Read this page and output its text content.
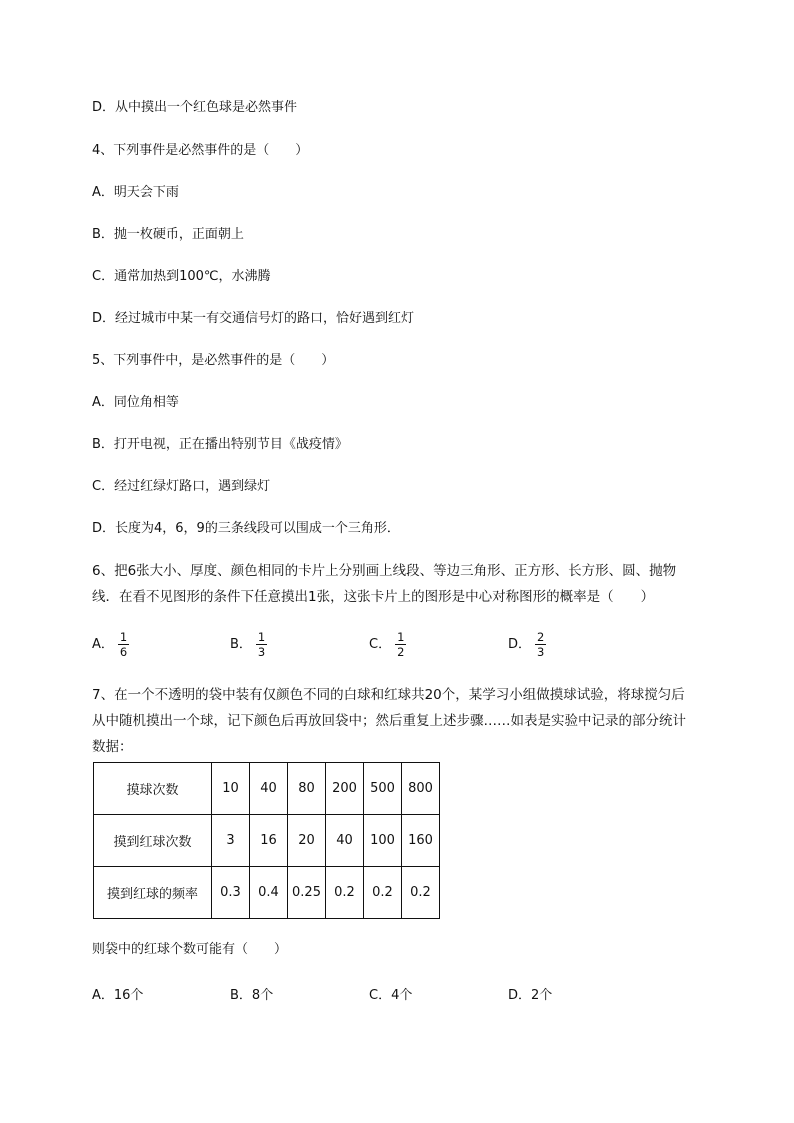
D．从中摸出一个红色球是必然事件
4、下列事件是必然事件的是（　　）
A．明天会下雨
B．抛一枚硬币，正面朝上
C．通常加热到100℃，水沸腾
D．经过城市中某一有交通信号灯的路口，恰好遇到红灯
5、下列事件中，是必然事件的是（　　）
A．同位角相等
B．打开电视，正在播出特别节目《战疫情》
C．经过红绿灯路口，遇到绿灯
D．长度为4，6，9的三条线段可以围成一个三角形．
6、把6张大小、厚度、颜色相同的卡片上分别画上线段、等边三角形、正方形、长方形、圆、抛物
线．在看不见图形的条件下任意摸出1张，这张卡片上的图形是中心对称图形的概率是（　　）
A． $\frac{1}{6}$	B． $\frac{1}{3}$	C． $\frac{1}{2}$	D． $\frac{2}{3}$
7、在一个不透明的袋中装有仅颜色不同的白球和红球共20个，某学习小组做摸球试验，将球搅匀后
从中随机摸出一个球，记下颜色后再放回袋中；然后重复上述步骤……如表是实验中记录的部分统计
数据：
摸球次数	10	40	80	200	500	800
摸到红球次数	3	16	20	40	100	160
摸到红球的频率	0.3	0.4	0.25	0.2	0.2	0.2
则袋中的红球个数可能有（　　）
A．16个	B．8个	C．4个	D．2个
